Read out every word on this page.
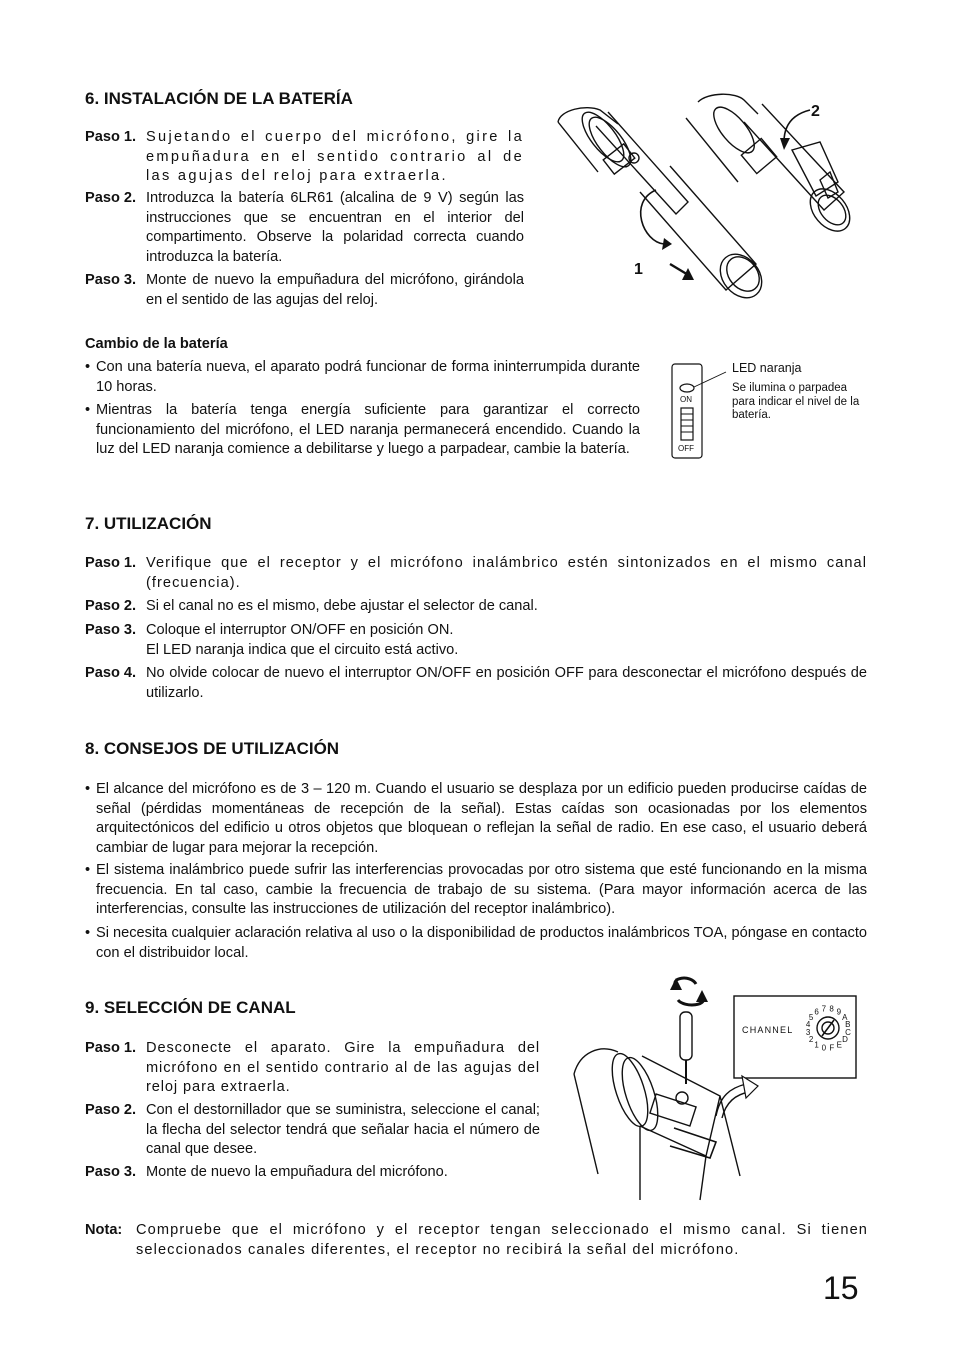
6. INSTALACIÓN DE LA BATERÍA
Paso 1. Sujetando el cuerpo del micrófono, gire la empuñadura en el sentido contrario al de las agujas del reloj para extraerla.
Paso 2. Introduzca la batería 6LR61 (alcalina de 9 V) según las instrucciones que se encuentran en el interior del compartimento. Observe la polaridad correcta cuando introduzca la batería.
Paso 3. Monte de nuevo la empuñadura del micrófono, girándola en el sentido de las agujas del reloj.
1
2
Cambio de la batería
• Con una batería nueva, el aparato podrá funcionar de forma ininterrumpida durante 10 horas.
• Mientras la batería tenga energía suficiente para garantizar el correcto funcionamiento del micrófono, el LED naranja permanecerá encendido. Cuando la luz del LED naranja comience a debilitarse y luego a parpadear, cambie la batería.
ON
OFF
LED naranja
Se ilumina o parpadea para indicar el nivel de la batería.
7. UTILIZACIÓN
Paso 1. Verifique que el receptor y el micrófono inalámbrico estén sintonizados en el mismo canal (frecuencia).
Paso 2. Si el canal no es el mismo, debe ajustar el selector de canal.
Paso 3. Coloque el interruptor ON/OFF en posición ON.
El LED naranja indica que el circuito está activo.
Paso 4. No olvide colocar de nuevo el interruptor ON/OFF en posición OFF para desconectar el micrófono después de utilizarlo.
8. CONSEJOS DE UTILIZACIÓN
• El alcance del micrófono es de 3 – 120 m. Cuando el usuario se desplaza por un edificio pueden producirse caídas de señal (pérdidas momentáneas de recepción de la señal). Estas caídas son ocasionadas por los elementos arquitectónicos del edificio u otros objetos que bloquean o reflejan la señal de radio. En ese caso, el usuario deberá cambiar de lugar para mejorar la recepción.
• El sistema inalámbrico puede sufrir las interferencias provocadas por otro sistema que esté funcionando en la misma frecuencia. En tal caso, cambie la frecuencia de trabajo de su sistema. (Para mayor información acerca de las interferencias, consulte las instrucciones de utilización del receptor inalámbrico).
• Si necesita cualquier aclaración relativa al uso o la disponibilidad de productos inalámbricos TOA, póngase en contacto con el distribuidor local.
9. SELECCIÓN DE CANAL
Paso 1. Desconecte el aparato. Gire la empuñadura del micrófono en el sentido contrario al de las agujas del reloj para extraerla.
Paso 2. Con el destornillador que se suministra, seleccione el canal; la flecha del selector tendrá que señalar hacia el número de canal que desee.
Paso 3. Monte de nuevo la empuñadura del micrófono.
CHANNEL
0
1
2
3
4
5
6 7 8 9
A
B
C
D
E
F
Nota: Compruebe que el micrófono y el receptor tengan seleccionado el mismo canal. Si tienen seleccionados canales diferentes, el receptor no recibirá la señal del micrófono.
15
